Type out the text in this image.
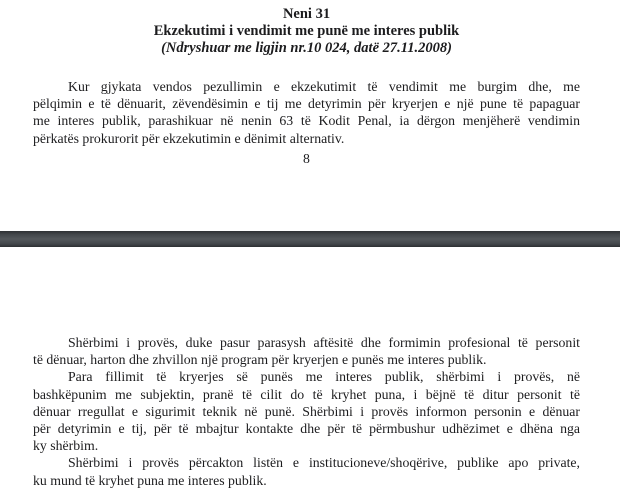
Neni 31
Ekzekutimi i vendimit me punë me interes publik
(Ndryshuar me ligjin nr.10 024, datë 27.11.2008)
Kur gjykata vendos pezullimin e ekzekutimit të vendimit me burgim dhe, me
pëlqimin e të dënuarit, zëvendësimin e tij me detyrimin për kryerjen e një pune të papaguar
me interes publik, parashikuar në nenin 63 të Kodit Penal, ia dërgon menjëherë vendimin
përkatës prokurorit për ekzekutimin e dënimit alternativ.
8
Shërbimi i provës, duke pasur parasysh aftësitë dhe formimin profesional të personit
të dënuar, harton dhe zhvillon një program për kryerjen e punës me interes publik.
Para fillimit të kryerjes së punës me interes publik, shërbimi i provës, në
bashkëpunim me subjektin, pranë të cilit do të kryhet puna, i bëjnë të ditur personit të
dënuar rregullat e sigurimit teknik në punë. Shërbimi i provës informon personin e dënuar
për detyrimin e tij, për të mbajtur kontakte dhe për të përmbushur udhëzimet e dhëna nga
ky shërbim.
Shërbimi i provës përcakton listën e institucioneve/shoqërive, publike apo private,
ku mund të kryhet puna me interes publik.
